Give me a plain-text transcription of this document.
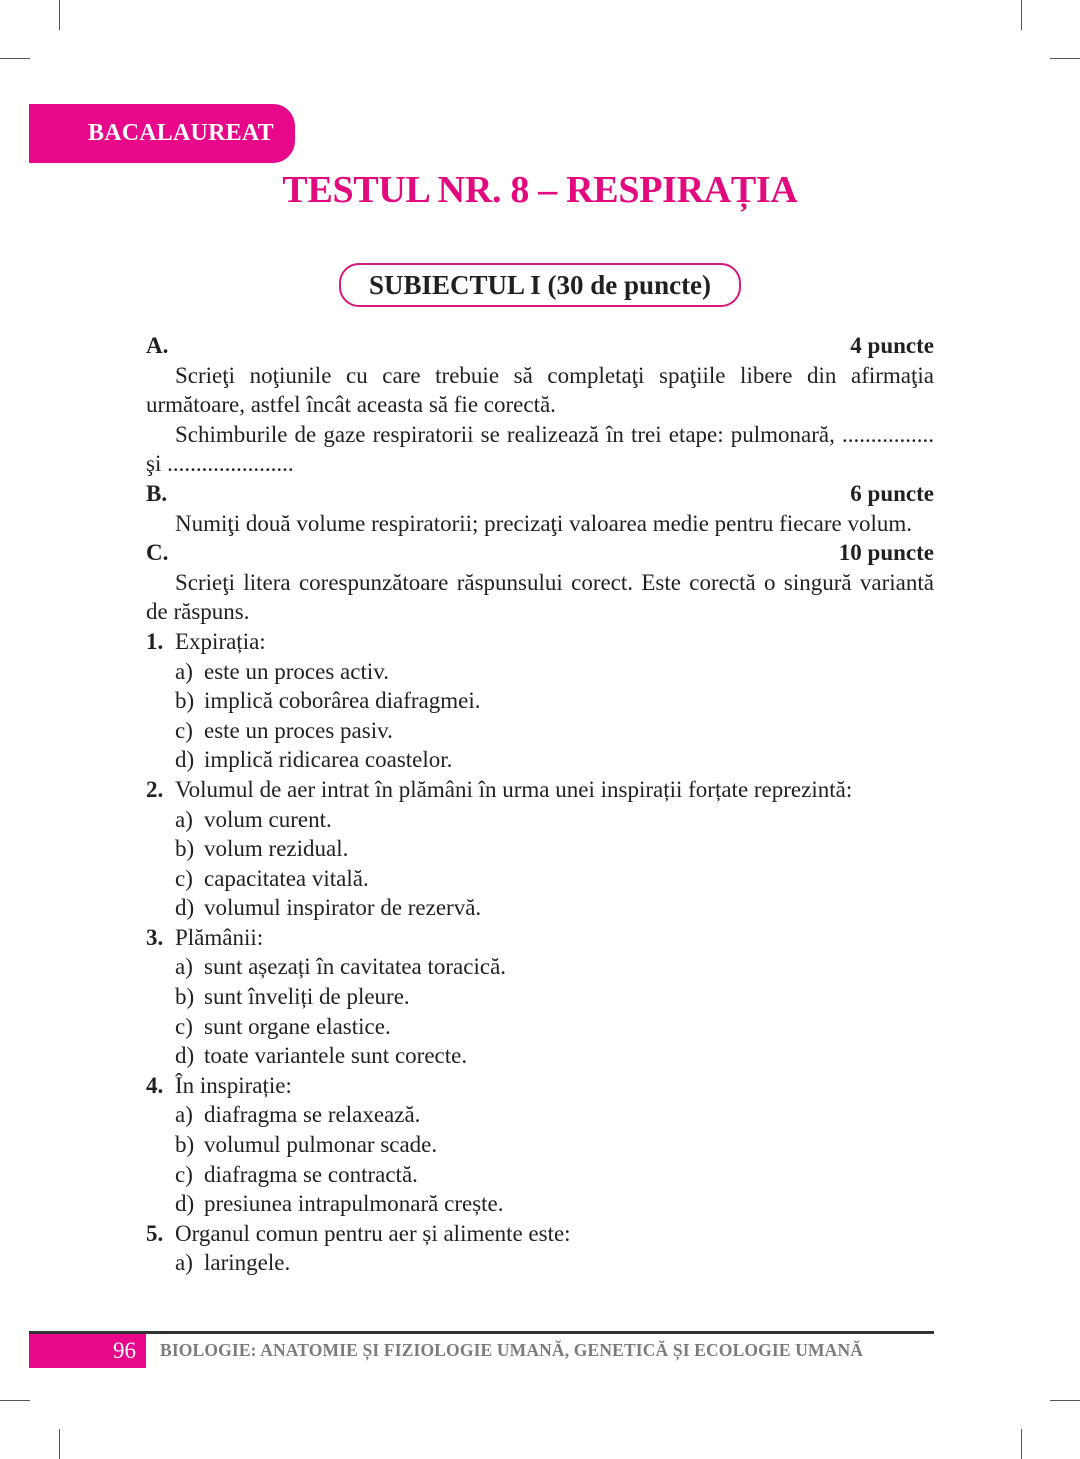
BACALAUREAT
TESTUL NR. 8 – RESPIRAȚIA
SUBIECTUL I (30 de puncte)
A.	4 puncte
Scrieţi noţiunile cu care trebuie să completaţi spaţiile libere din afirmaţia următoare, astfel încât aceasta să fie corectă.
Schimburile de gaze respiratorii se realizează în trei etape: pulmonară, ................ şi ......................
B.	6 puncte
Numiţi două volume respiratorii; precizaţi valoarea medie pentru fiecare volum.
C.	10 puncte
Scrieţi litera corespunzătoare răspunsului corect. Este corectă o singură variantă de răspuns.
1. Expirația:
a) este un proces activ.
b) implică coborârea diafragmei.
c) este un proces pasiv.
d) implică ridicarea coastelor.
2. Volumul de aer intrat în plămâni în urma unei inspirații forțate reprezintă:
a) volum curent.
b) volum rezidual.
c) capacitatea vitală.
d) volumul inspirator de rezervă.
3. Plămânii:
a) sunt așezați în cavitatea toracică.
b) sunt înveliți de pleure.
c) sunt organe elastice.
d) toate variantele sunt corecte.
4. În inspirație:
a) diafragma se relaxează.
b) volumul pulmonar scade.
c) diafragma se contractă.
d) presiunea intrapulmonară crește.
5. Organul comun pentru aer și alimente este:
a) laringele.
96 BIOLOGIE: ANATOMIE ȘI FIZIOLOGIE UMANĂ, GENETICĂ ȘI ECOLOGIE UMANĂ
